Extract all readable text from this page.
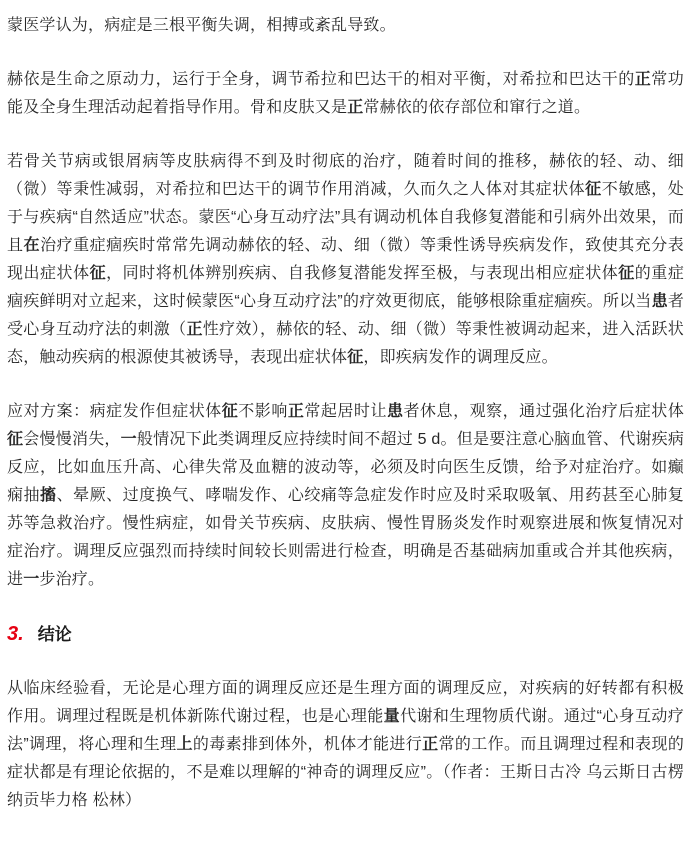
蒙医学认为，病症是三根平衡失调，相搏或紊乱导致。

赫依是生命之原动力，运行于全身，调节希拉和巴达干的相对平衡，对希拉和巴达干的正常功能及全身生理活动起着指导作用。骨和皮肤又是正常赫依的依存部位和窜行之道。

若骨关节病或银屑病等皮肤病得不到及时彻底的治疗，随着时间的推移，赫依的轻、动、细（微）等秉性减弱，对希拉和巴达干的调节作用消减，久而久之人体对其症状体征不敏感，处于与疾病“自然适应”状态。蒙医“心身互动疗法”具有调动机体自我修复潜能和引病外出效果，而且在治疗重症痼疾时常常先调动赫依的轻、动、细（微）等秉性诱导疾病发作，致使其充分表现出症状体征，同时将机体辨别疾病、自我修复潜能发挥至极，与表现出相应症状体征的重症痼疾鲜明对立起来，这时候蒙医“心身互动疗法”的疗效更彻底，能够根除重症痼疾。所以当患者受心身互动疗法的刺激（正性疗效），赫依的轻、动、细（微）等秉性被调动起来，进入活跃状态，触动疾病的根源使其被诱导，表现出症状体征，即疾病发作的调理反应。

应对方案：病症发作但症状体征不影响正常起居时让患者休息，观察，通过强化治疗后症状体征会慢慢消失，一般情况下此类调理反应持续时间不超过 5 d。但是要注意心脑血管、代谢疾病反应，比如血压升高、心律失常及血糖的波动等，必须及时向医生反馈，给予对症治疗。如癫痫抽搐、晕厥、过度换气、哮喘发作、心绞痛等急症发作时应及时采取吸氧、用药甚至心肺复苏等急救治疗。慢性病症，如骨关节疾病、皮肤病、慢性胃肠炎发作时观察进展和恢复情况对症治疗。调理反应强烈而持续时间较长则需进行检查，明确是否基础病加重或合并其他疾病，进一步治疗。

3. 结论

从临床经验看，无论是心理方面的调理反应还是生理方面的调理反应，对疾病的好转都有积极作用。调理过程既是机体新陈代谢过程，也是心理能量代谢和生理物质代谢。通过“心身互动疗法”调理，将心理和生理上的毒素排到体外，机体才能进行正常的工作。而且调理过程和表现的症状都是有理论依据的，不是难以理解的“神奇的调理反应”。（作者：王斯日古冷 乌云斯日古楞 纳贡毕力格 松林）
